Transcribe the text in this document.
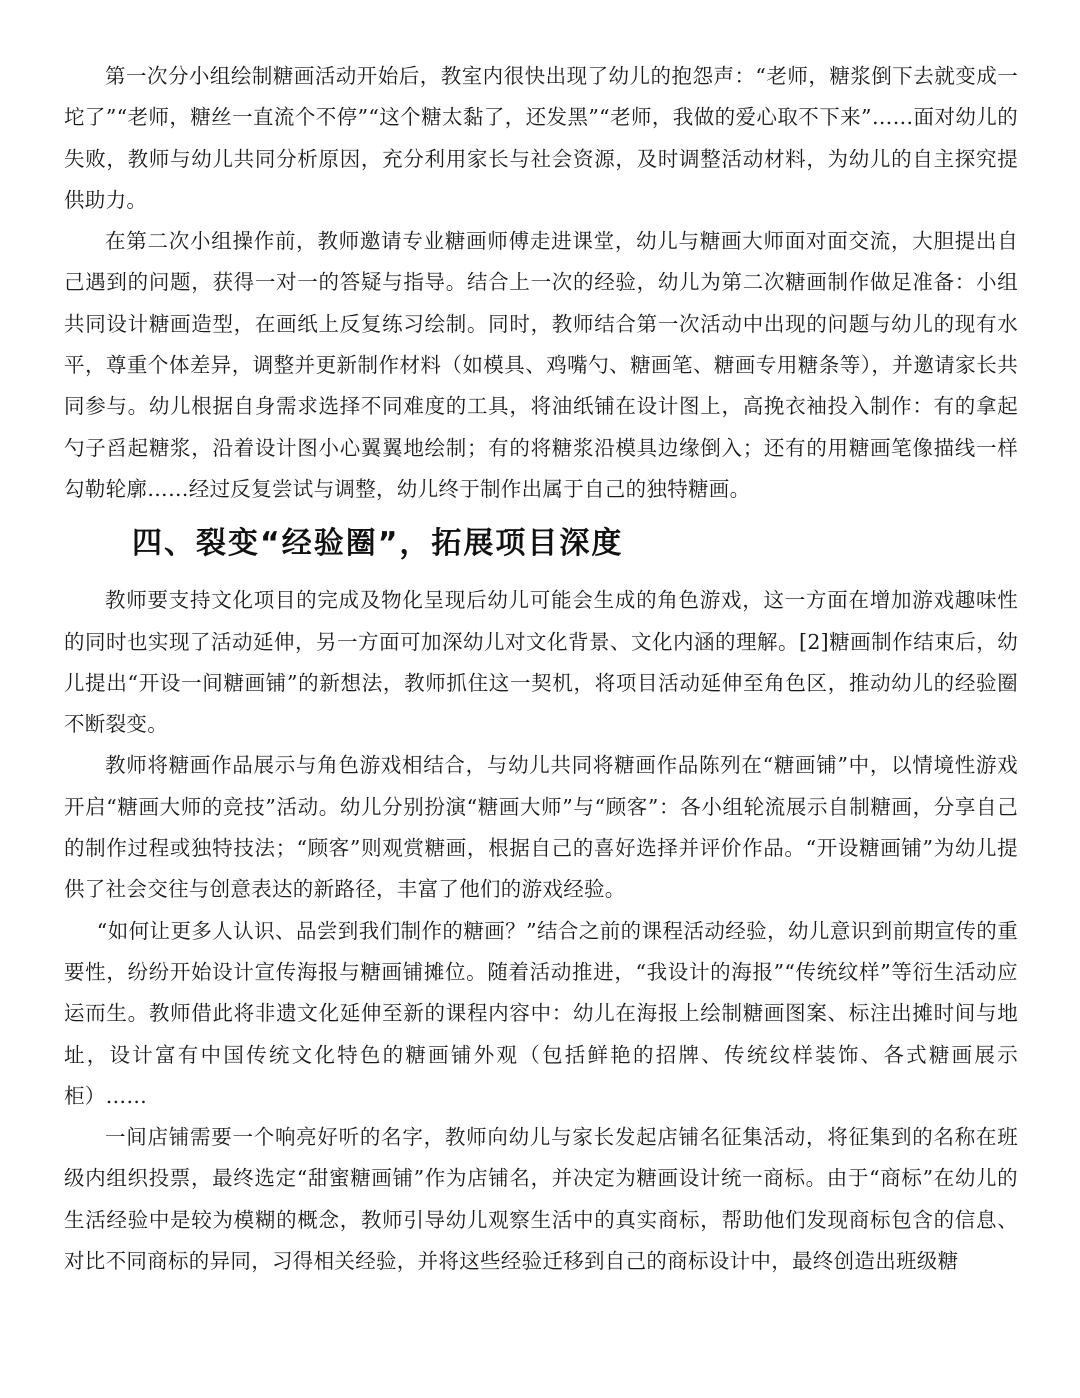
第一次分小组绘制糖画活动开始后，教室内很快出现了幼儿的抱怨声：“老师，糖浆倒下去就变成一坨了”“老师，糖丝一直流个不停”“这个糖太黏了，还发黑”“老师，我做的爱心取不下来”……面对幼儿的失败，教师与幼儿共同分析原因，充分利用家长与社会资源，及时调整活动材料，为幼儿的自主探究提供助力。

在第二次小组操作前，教师邀请专业糖画师傅走进课堂，幼儿与糖画大师面对面交流，大胆提出自己遇到的问题，获得一对一的答疑与指导。结合上一次的经验，幼儿为第二次糖画制作做足准备：小组共同设计糖画造型，在画纸上反复练习绘制。同时，教师结合第一次活动中出现的问题与幼儿的现有水平，尊重个体差异，调整并更新制作材料（如模具、鸡嘴勺、糖画笔、糖画专用糖条等），并邀请家长共同参与。幼儿根据自身需求选择不同难度的工具，将油纸铺在设计图上，高挽衣袖投入制作：有的拿起勺子舀起糖浆，沿着设计图小心翼翼地绘制；有的将糖浆沿模具边缘倒入；还有的用糖画笔像描线一样勾勒轮廓……经过反复尝试与调整，幼儿终于制作出属于自己的独特糖画。

四、裂变“经验圈”，拓展项目深度

教师要支持文化项目的完成及物化呈现后幼儿可能会生成的角色游戏，这一方面在增加游戏趣味性的同时也实现了活动延伸，另一方面可加深幼儿对文化背景、文化内涵的理解。[2]糖画制作结束后，幼儿提出“开设一间糖画铺”的新想法，教师抓住这一契机，将项目活动延伸至角色区，推动幼儿的经验圈不断裂变。

教师将糖画作品展示与角色游戏相结合，与幼儿共同将糖画作品陈列在“糖画铺”中，以情境性游戏开启“糖画大师的竞技”活动。幼儿分别扮演“糖画大师”与“顾客”：各小组轮流展示自制糖画，分享自己的制作过程或独特技法；“顾客”则观赏糖画，根据自己的喜好选择并评价作品。“开设糖画铺”为幼儿提供了社会交往与创意表达的新路径，丰富了他们的游戏经验。

“如何让更多人认识、品尝到我们制作的糖画？”结合之前的课程活动经验，幼儿意识到前期宣传的重要性，纷纷开始设计宣传海报与糖画铺摊位。随着活动推进，“我设计的海报”“传统纹样”等衍生活动应运而生。教师借此将非遗文化延伸至新的课程内容中：幼儿在海报上绘制糖画图案、标注出摊时间与地址，设计富有中国传统文化特色的糖画铺外观（包括鲜艳的招牌、传统纹样装饰、各式糖画展示柜）……

一间店铺需要一个响亮好听的名字，教师向幼儿与家长发起店铺名征集活动，将征集到的名称在班级内组织投票，最终选定“甜蜜糖画铺”作为店铺名，并决定为糖画设计统一商标。由于“商标”在幼儿的生活经验中是较为模糊的概念，教师引导幼儿观察生活中的真实商标，帮助他们发现商标包含的信息、对比不同商标的异同，习得相关经验，并将这些经验迁移到自己的商标设计中，最终创造出班级糖
